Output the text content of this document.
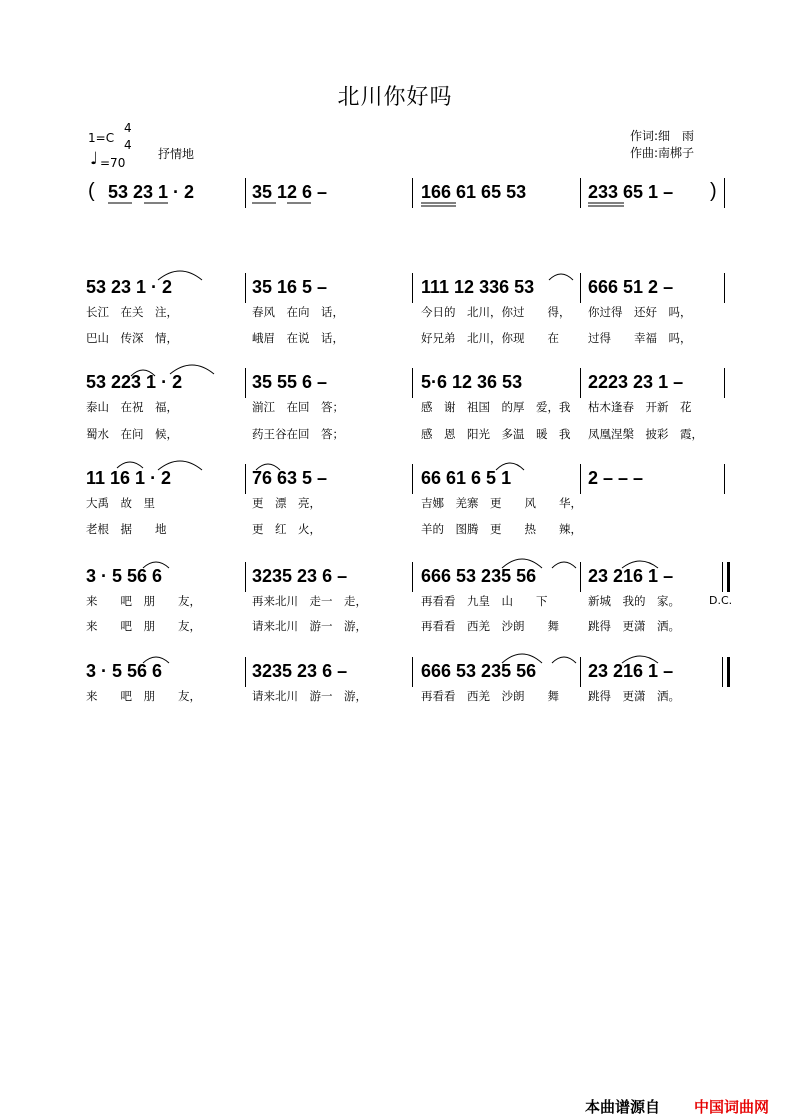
北川你好吗
1=C
4
4
♩ =70
抒情地
作词:细　雨
作曲:南梆子
( 53 23 1 · 2	35 12 6 –	166 61 65 53	233 65 1 – )
53 23 1 · 2	35 16 5 –	111 12 336 53	666 51 2 –
长江　在关　注，	春风　在向　话，	今日的　北川，你过　　得， 你过得　还好　吗，
巴山　传深　情，	峨眉　在说　话，	好兄弟　北川，你现　　在	过得　　幸福　吗，
53 223 1 · 2	35 55 6 –	5·6 12 36 53	2223 23 1 –
泰山　在祝　福，	湔江　在回　答；	感　谢　祖国　的厚　爱，我 枯木逢春　开新　花
蜀水　在问　候，	药王谷在回　答；	感　恩　阳光　多温　暖　我 凤凰涅槃　披彩　霞，
11 16 1 · 2	76 63 5 –	66 61 6 5 1	2 – – –
大禹　故　里	更　漂　亮，	吉娜　羌寨　更　　风　　华，
老根　据　　地	更　红　火，	羊的　图腾　更　　热　　辣，
3 · 5 56 6	3235 23 6 –	666 53 235 56	23 216 1 –
来　　吧　朋　　友，	再来北川　走一　走，	再看看　九皇　山　　下	新城　我的　家。	D.C.
来　　吧　朋　　友，	请来北川　游一　游，	再看看　西羌　沙朗　　舞	跳得　更潇　洒。
3 · 5 56 6	3235 23 6 –	666 53 235 56	23 216 1 –
来　　吧　朋　　友，	请来北川　游一　游，	再看看　西羌　沙朗　　舞	跳得　更潇　洒。
本曲谱源自 中国词曲网
